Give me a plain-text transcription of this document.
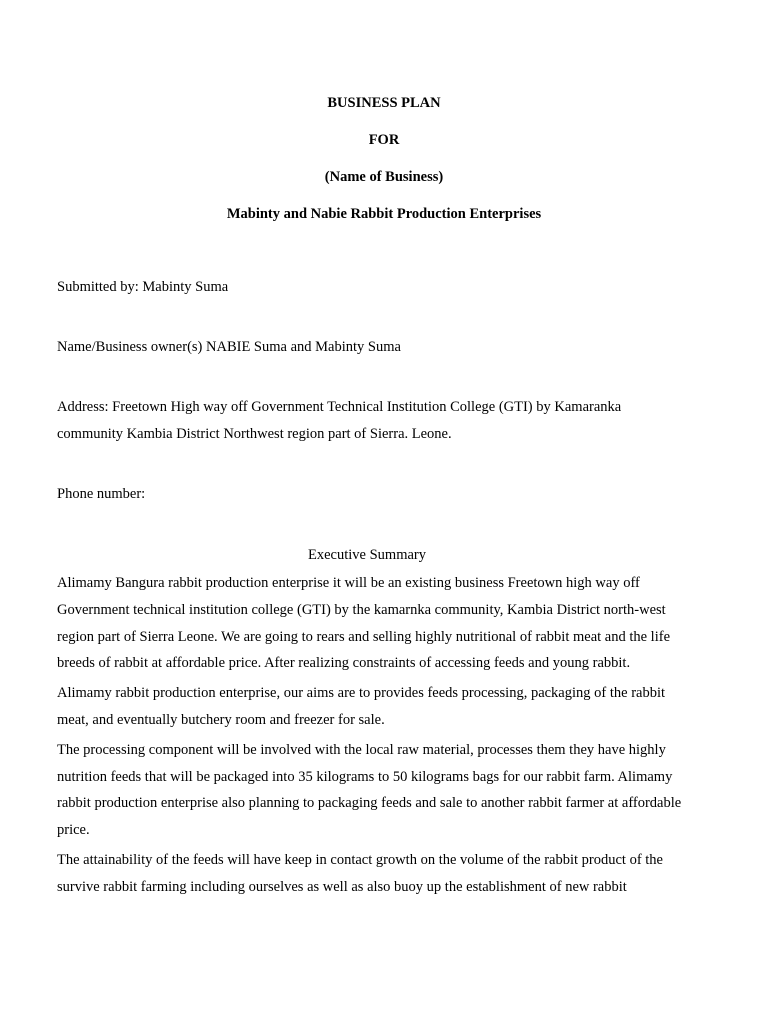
BUSINESS PLAN
FOR
(Name of Business)
Mabinty and Nabie Rabbit Production Enterprises
Submitted by: Mabinty Suma
Name/Business owner(s) NABIE Suma and Mabinty Suma
Address: Freetown High way off Government Technical Institution College (GTI) by Kamaranka
community Kambia District Northwest region part of Sierra. Leone.
Phone number:
Executive Summary

Alimamy Bangura rabbit production enterprise it will be an existing business Freetown high way off Government technical institution college (GTI) by the kamarnka community, Kambia District north-west region part of Sierra Leone. We are going to rears and selling highly nutritional of rabbit meat and the life breeds of rabbit at affordable price. After realizing constraints of accessing feeds and young rabbit.

Alimamy rabbit production enterprise, our aims are to provides feeds processing, packaging of the rabbit meat, and eventually butchery room and freezer for sale.

The processing component will be involved with the local raw material, processes them they have highly nutrition feeds that will be packaged into 35 kilograms to 50 kilograms bags for our rabbit farm. Alimamy rabbit production enterprise also planning to packaging feeds and sale to another rabbit farmer at affordable price.

The attainability of the feeds will have keep in contact growth on the volume of the rabbit product of the survive rabbit farming including ourselves as well as also buoy up the establishment of new rabbit
